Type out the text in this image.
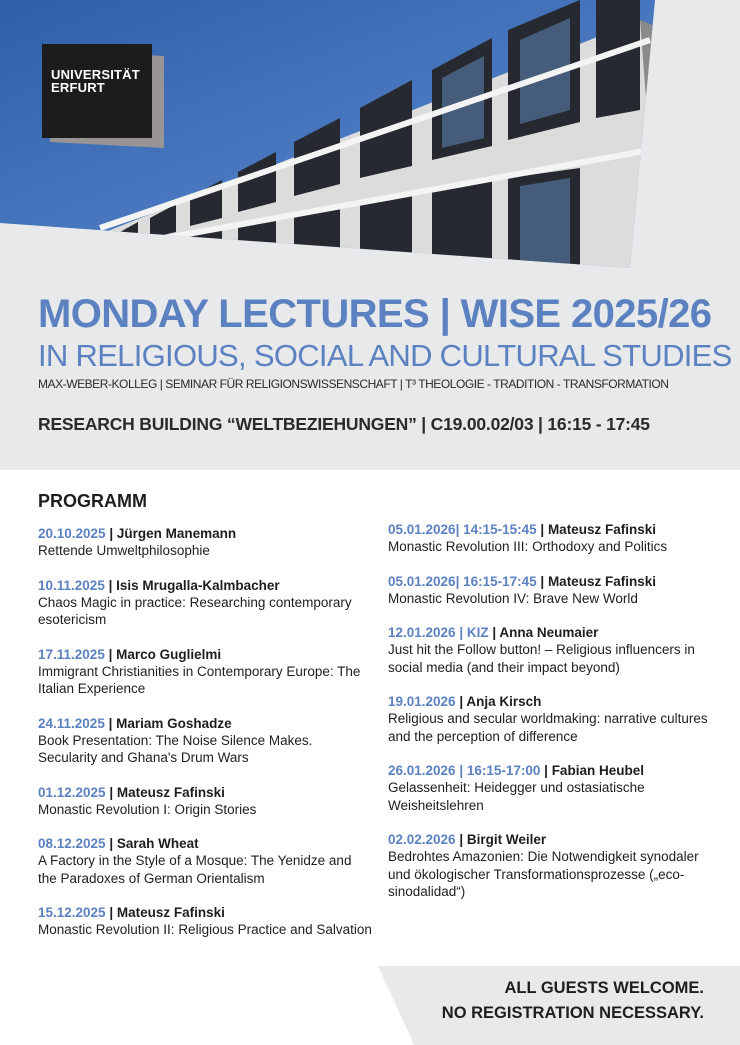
UNIVERSITÄT
ERFURT
MONDAY LECTURES | WISE 2025/26
IN RELIGIOUS, SOCIAL AND CULTURAL STUDIES
MAX-WEBER-KOLLEG | SEMINAR FÜR RELIGIONSWISSENSCHAFT | T³ THEOLOGIE - TRADITION - TRANSFORMATION
RESEARCH BUILDING “WELTBEZIEHUNGEN” | C19.00.02/03 | 16:15 - 17:45
PROGRAMM
20.10.2025 | Jürgen Manemann
Rettende Umweltphilosophie
10.11.2025 | Isis Mrugalla-Kalmbacher
Chaos Magic in practice: Researching contemporary esotericism
17.11.2025 | Marco Guglielmi
Immigrant Christianities in Contemporary Europe: The Italian Experience
24.11.2025 | Mariam Goshadze
Book Presentation: The Noise Silence Makes. Secularity and Ghana's Drum Wars
01.12.2025 | Mateusz Fafinski
Monastic Revolution I: Origin Stories
08.12.2025 | Sarah Wheat
A Factory in the Style of a Mosque: The Yenidze and the Paradoxes of German Orientalism
15.12.2025 | Mateusz Fafinski
Monastic Revolution II: Religious Practice and Salvation
05.01.2026| 14:15-15:45 | Mateusz Fafinski
Monastic Revolution III: Orthodoxy and Politics
05.01.2026| 16:15-17:45 | Mateusz Fafinski
Monastic Revolution IV: Brave New World
12.01.2026 | KIZ | Anna Neumaier
Just hit the Follow button! – Religious influencers in social media (and their impact beyond)
19.01.2026 | Anja Kirsch
Religious and secular worldmaking: narrative cultures and the perception of difference
26.01.2026 | 16:15-17:00 | Fabian Heubel
Gelassenheit: Heidegger und ostasiatische Weisheitslehren
02.02.2026 | Birgit Weiler
Bedrohtes Amazonien: Die Notwendigkeit synodaler und ökologischer Transformationsprozesse („eco-sinodalidad“)
ALL GUESTS WELCOME.
NO REGISTRATION NECESSARY.
